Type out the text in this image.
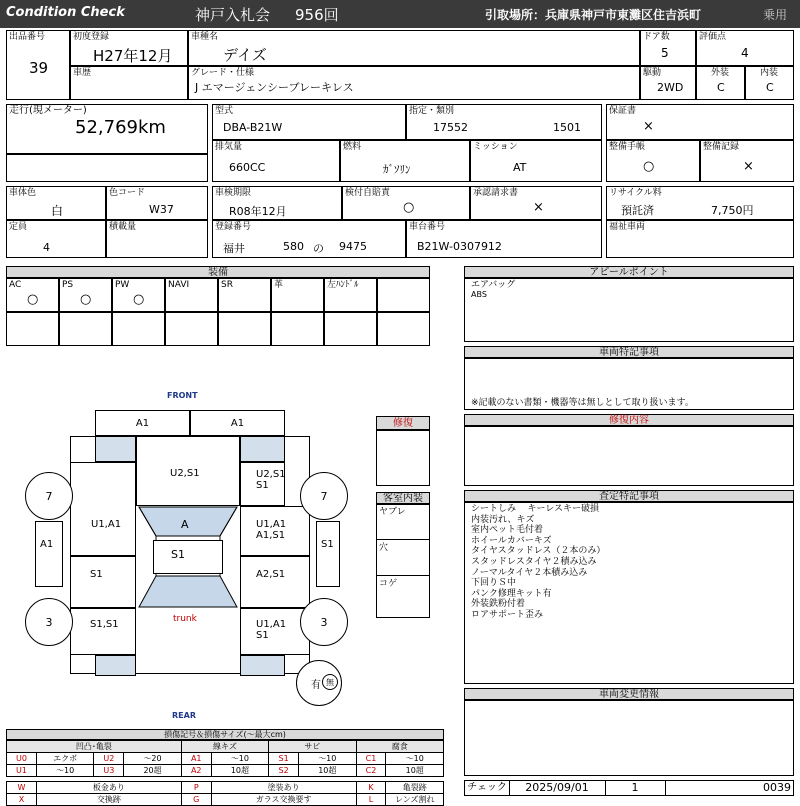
Condition Check	神戸入札会 956回	引取場所：兵庫県神戸市東灘区住吉浜町	乗用
出品番号
39
初度登録
H27年12月
車種名
デイズ
ドア数
5
評価点
4
車歴	グレード・仕様
J エマージェンシーブレーキレス
駆動
2WD
外装
C
内装
C
走行(現メーター)
52,769km
型式
DBA-B21W
指定・類別
17552	1501
保証書
×
排気量
660CC
燃料
ｶﾞｿﾘﾝ
ミッション
AT
整備手帳
○
整備記録
×
車体色
白
色コード
W37
車検期限
R08年12月
検付自賠責
○
承認請求書
×
リサイクル料
預託済	7,750円
定員
4
積載量	登録番号
福井	580 の 9475
車台番号
B21W-0307912
福祉車両
装備
AC
○
PS
○
PW
○
NAVI	SR	革	左ﾊﾝﾄﾞﾙ
アピールポイント
エアバッグ
ABS
車両特記事項
※記載のない書類・機器等は無しとして取り扱います。
修復内容
査定特記事項
シートしみ    キーレスキー破損
内装汚れ、キズ
室内ペット毛付着
ホイールカバーキズ
タイヤスタッドレス（２本のみ）
スタッドレスタイヤ２積み込み
ノーマルタイヤ２本積み込み
下回りＳ中
パンク修理キット有
外装鉄粉付着
ロアサポート歪み
車両変更情報
チェック	2025/09/01	1	0039
FRONT
REAR
A1	A1
U2,S1	U2,S1
S1
U1,A1	U1,A1
A1,S1
S1	A2,S1
S1,S1	U1,A1
S1
A1	S1
A
S1
trunk
7	7
3	3
有 無
修復
客室内装
ヤブレ
穴
コゲ
損傷記号＆損傷サイズ(～最大cm)
凹凸･亀裂				線キズ		サビ		腐食	
U0	エクボ	U2	～20	A1	～10	S1	～10	C1	～10
U1	～10	U3	20超	A2	10超	S2	10超	C2	10超

W	板金あり			P	塗装あり			K	亀裂跡
X	交換跡			G	ガラス交換要す			L	レンズ割れ
